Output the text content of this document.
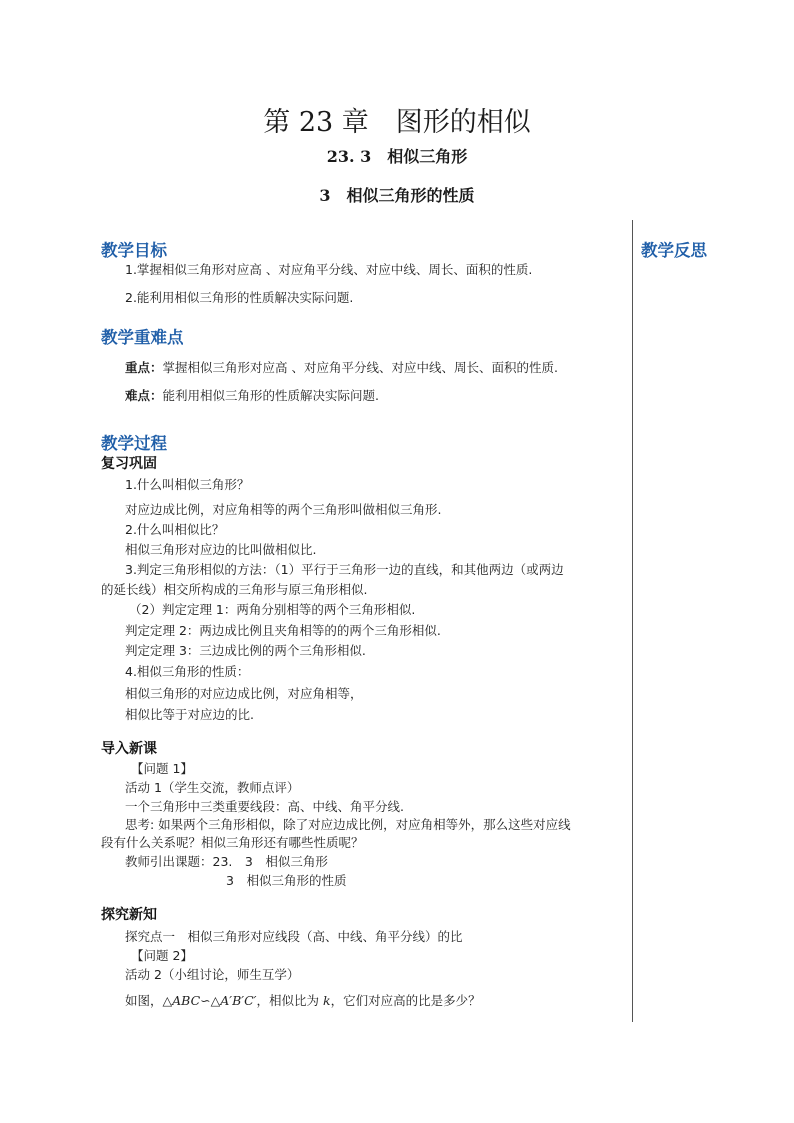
第 23 章　图形的相似
23. 3　相似三角形
3　相似三角形的性质
教学反思
教学目标
1.掌握相似三角形对应高 、对应角平分线、对应中线、周长、面积的性质.
2.能利用相似三角形的性质解决实际问题.
教学重难点
重点：掌握相似三角形对应高 、对应角平分线、对应中线、周长、面积的性质.
难点：能利用相似三角形的性质解决实际问题.
教学过程
复习巩固
1.什么叫相似三角形？
对应边成比例，对应角相等的两个三角形叫做相似三角形.
2.什么叫相似比？
相似三角形对应边的比叫做相似比.
3.判定三角形相似的方法：（1）平行于三角形一边的直线，和其他两边（或两边
的延长线）相交所构成的三角形与原三角形相似.
（2）判定定理 1：两角分别相等的两个三角形相似.
判定定理 2：两边成比例且夹角相等的的两个三角形相似.
判定定理 3：三边成比例的两个三角形相似.
4.相似三角形的性质：
相似三角形的对应边成比例，对应角相等，
相似比等于对应边的比.
导入新课
【问题 1】
活动 1（学生交流，教师点评）
一个三角形中三类重要线段：高、中线、角平分线.
思考: 如果两个三角形相似，除了对应边成比例，对应角相等外，那么这些对应线
段有什么关系呢？相似三角形还有哪些性质呢？
教师引出课题：23.　3　相似三角形
3　相似三角形的性质
探究新知
探究点一　相似三角形对应线段（高、中线、角平分线）的比
【问题 2】
活动 2（小组讨论，师生互学）
如图，△ABC∽△A′B′C′，相似比为 k，它们对应高的比是多少？
